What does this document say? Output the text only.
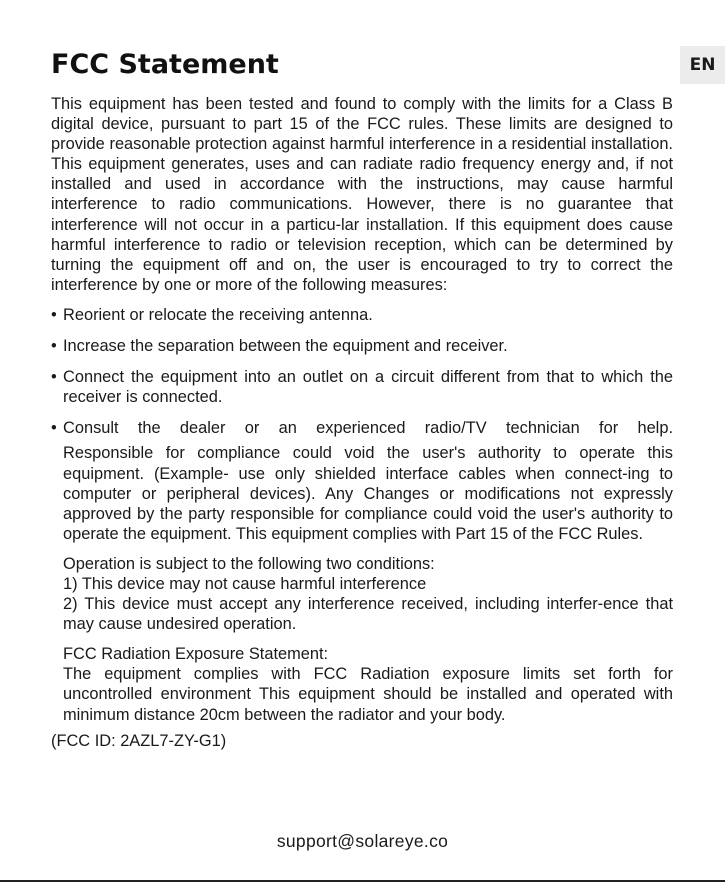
EN
FCC Statement

This equipment has been tested and found to comply with the limits for a Class B digital device, pursuant to part 15 of the FCC rules. These limits are designed to provide reasonable protection against harmful interference in a residential installation. This equipment generates, uses and can radiate radio frequency energy and, if not installed and used in accordance with the instructions, may cause harmful interference to radio communications. However, there is no guarantee that interference will not occur in a particu-lar installation. If this equipment does cause harmful interference to radio or television reception, which can be determined by turning the equipment off and on, the user is encouraged to try to correct the interference by one or more of the following measures:

• Reorient or relocate the receiving antenna.
• Increase the separation between the equipment and receiver.
• Connect the equipment into an outlet on a circuit different from that to which the receiver is connected.
• Consult the dealer or an experienced radio/TV technician for help.

Responsible for compliance could void the user's authority to operate this equipment. (Example- use only shielded interface cables when connect-ing to computer or peripheral devices). Any Changes or modifications not expressly approved by the party responsible for compliance could void the user's authority to operate the equipment. This equipment complies with Part 15 of the FCC Rules.

Operation is subject to the following two conditions:
1) This device may not cause harmful interference
2) This device must accept any interference received, including interfer-ence that may cause undesired operation.
FCC Radiation Exposure Statement:

The equipment complies with FCC Radiation exposure limits set forth for uncontrolled environment This equipment should be installed and operated with minimum distance 20cm between the radiator and your body.

(FCC ID: 2AZL7-ZY-G1)
support@solareye.co
